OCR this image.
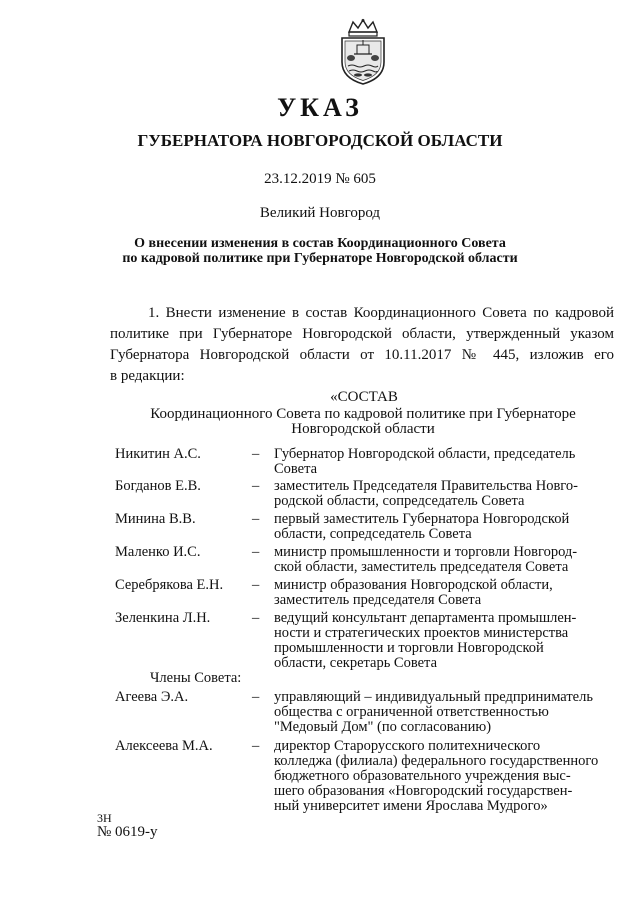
УКАЗ
ГУБЕРНАТОРА НОВГОРОДСКОЙ ОБЛАСТИ
23.12.2019 № 605
Великий Новгород
О внесении изменения в состав Координационного Совета
по кадровой политике при Губернаторе Новгородской области
1. Внести изменение в состав Координационного Совета по кадровой
политике при Губернаторе Новгородской области, утвержденный указом
Губернатора Новгородской области от 10.11.2017 № 445, изложив его
в редакции:
«СОСТАВ
Координационного Совета по кадровой политике при Губернаторе
Новгородской области
Никитин А.С.	– Губернатор Новгородской области, председатель
Совета
Богданов Е.В.	– заместитель Председателя Правительства Новго-
родской области, сопредседатель Совета
Минина В.В.	– первый заместитель Губернатора Новгородской
области, сопредседатель Совета
Маленко И.С.	– министр промышленности и торговли Новгород-
ской области, заместитель председателя Совета
Серебрякова Е.Н. – министр образования Новгородской области,
заместитель председателя Совета
Зеленкина Л.Н.	– ведущий консультант департамента промышлен-
ности и стратегических проектов министерства
промышленности и торговли Новгородской
области, секретарь Совета
Члены Совета:
Агеева Э.А.	– управляющий – индивидуальный предприниматель
общества с ограниченной ответственностью
"Медовый Дом" (по согласованию)
Алексеева М.А.	– директор Старорусского политехнического
колледжа (филиала) федерального государственного
бюджетного образовательного учреждения выс-
шего образования «Новгородский государствен-
ный университет имени Ярослава Мудрого»
3Н
№ 0619-у
